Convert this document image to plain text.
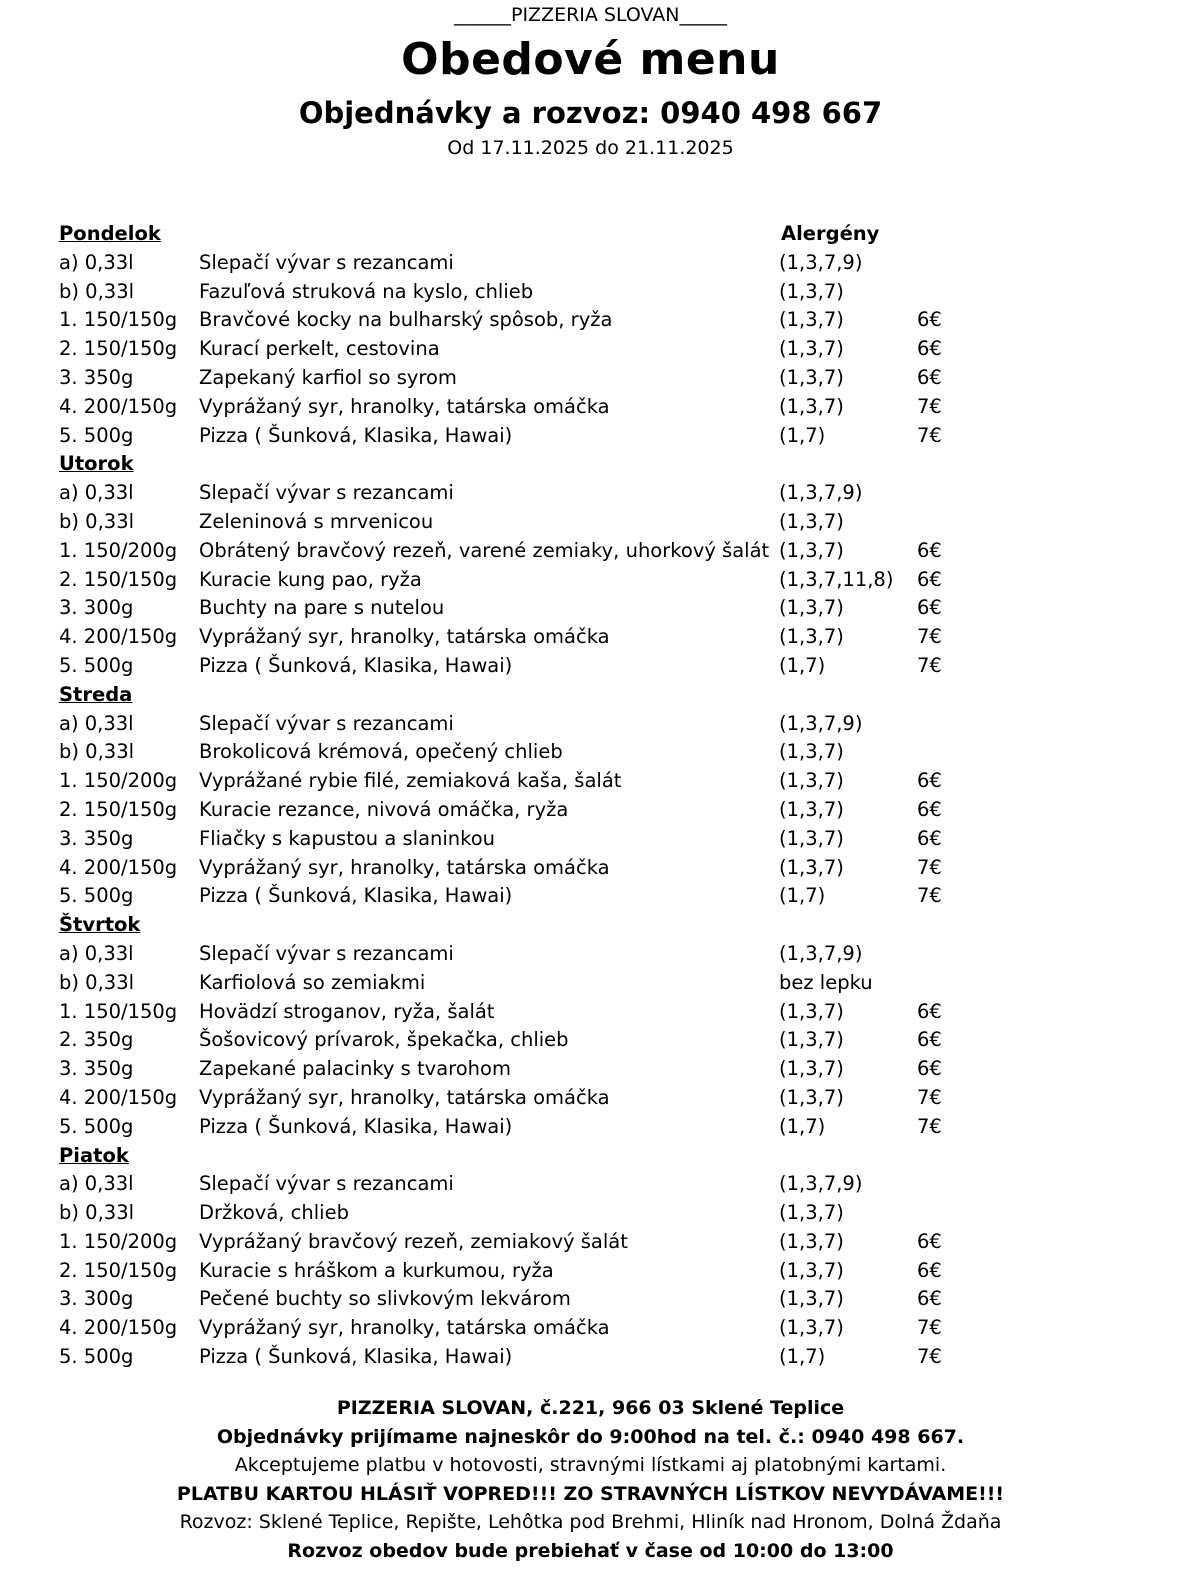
______PIZZERIA SLOVAN_____
Obedové menu
Objednávky a rozvoz: 0940 498 667
Od 17.11.2025 do 21.11.2025
Pondelok	Alergény
a) 0,33l	Slepačí vývar s rezancami	(1,3,7,9)
b) 0,33l	Fazuľová struková na kyslo, chlieb	(1,3,7)
1. 150/150g Bravčové kocky na bulharský spôsob, ryža	(1,3,7)	6€
2. 150/150g Kurací perkelt, cestovina	(1,3,7)	6€
3. 350g	Zapekaný karfiol so syrom	(1,3,7)	6€
4. 200/150g Vyprážaný syr, hranolky, tatárska omáčka	(1,3,7)	7€
5. 500g	Pizza ( Šunková, Klasika, Hawai)	(1,7)	7€
Utorok
a) 0,33l	Slepačí vývar s rezancami	(1,3,7,9)
b) 0,33l	Zeleninová s mrvenicou	(1,3,7)
1. 150/200g Obrátený bravčový rezeň, varené zemiaky, uhorkový šalát (1,3,7)	6€
2. 150/150g Kuracie kung pao, ryža	(1,3,7,11,8) 6€
3. 300g	Buchty na pare s nutelou	(1,3,7)	6€
4. 200/150g Vyprážaný syr, hranolky, tatárska omáčka	(1,3,7)	7€
5. 500g	Pizza ( Šunková, Klasika, Hawai)	(1,7)	7€
Streda
a) 0,33l	Slepačí vývar s rezancami	(1,3,7,9)
b) 0,33l	Brokolicová krémová, opečený chlieb	(1,3,7)
1. 150/200g Vyprážané rybie filé, zemiaková kaša, šalát	(1,3,7)	6€
2. 150/150g Kuracie rezance, nivová omáčka, ryža	(1,3,7)	6€
3. 350g	Fliačky s kapustou a slaninkou	(1,3,7)	6€
4. 200/150g Vyprážaný syr, hranolky, tatárska omáčka	(1,3,7)	7€
5. 500g	Pizza ( Šunková, Klasika, Hawai)	(1,7)	7€
Štvrtok
a) 0,33l	Slepačí vývar s rezancami	(1,3,7,9)
b) 0,33l	Karfiolová so zemiakmi	bez lepku
1. 150/150g Hovädzí stroganov, ryža, šalát	(1,3,7)	6€
2. 350g	Šošovicový prívarok, špekačka, chlieb	(1,3,7)	6€
3. 350g	Zapekané palacinky s tvarohom	(1,3,7)	6€
4. 200/150g Vyprážaný syr, hranolky, tatárska omáčka	(1,3,7)	7€
5. 500g	Pizza ( Šunková, Klasika, Hawai)	(1,7)	7€
Piatok
a) 0,33l	Slepačí vývar s rezancami	(1,3,7,9)
b) 0,33l	Držková, chlieb	(1,3,7)
1. 150/200g Vyprážaný bravčový rezeň, zemiakový šalát	(1,3,7)	6€
2. 150/150g Kuracie s hráškom a kurkumou, ryža	(1,3,7)	6€
3. 300g	Pečené buchty so slivkovým lekvárom	(1,3,7)	6€
4. 200/150g Vyprážaný syr, hranolky, tatárska omáčka	(1,3,7)	7€
5. 500g	Pizza ( Šunková, Klasika, Hawai)	(1,7)	7€
PIZZERIA SLOVAN, č.221, 966 03 Sklené Teplice
Objednávky prijímame najneskôr do 9:00hod na tel. č.: 0940 498 667.
Akceptujeme platbu v hotovosti, stravnými lístkami aj platobnými kartami.
PLATBU KARTOU HLÁSIŤ VOPRED!!! ZO STRAVNÝCH LÍSTKOV NEVYDÁVAME!!!
Rozvoz: Sklené Teplice, Repište, Lehôtka pod Brehmi, Hliník nad Hronom, Dolná Ždaňa
Rozvoz obedov bude prebiehať v čase od 10:00 do 13:00
